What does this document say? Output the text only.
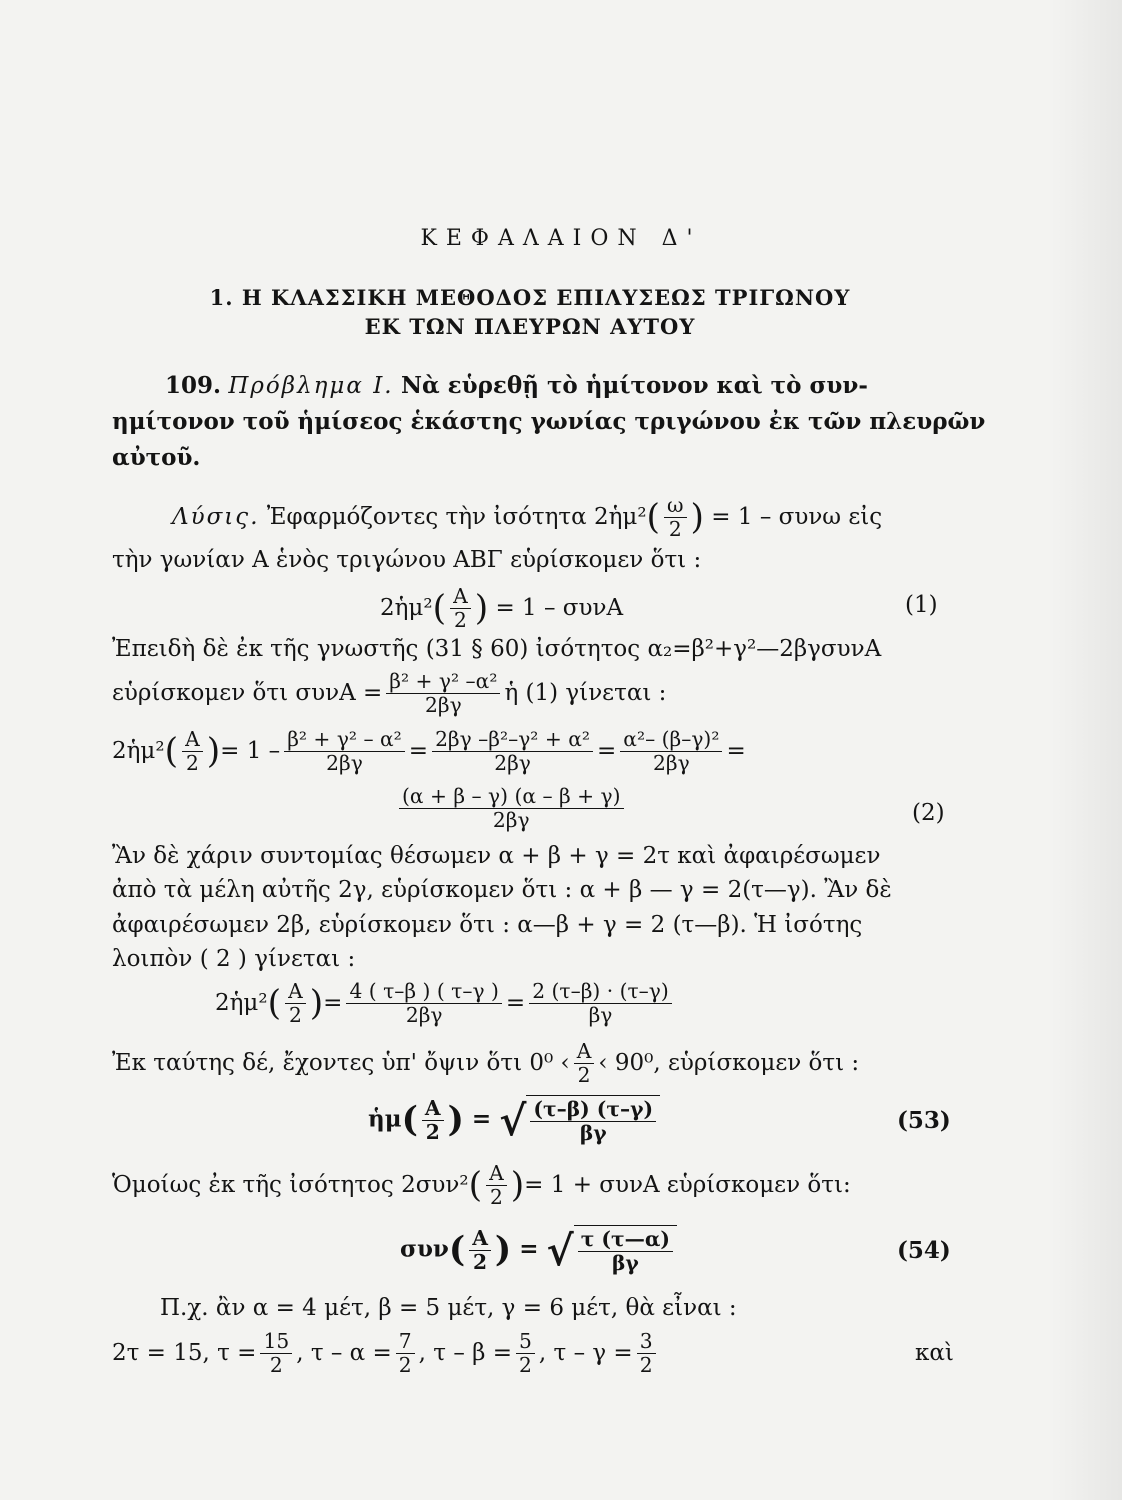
ΚΕΦΑΛΑΙΟΝ Δ'
1. Η ΚΛΑΣΣΙΚΗ ΜΕΘΟΔΟΣ ΕΠΙΛΥΣΕΩΣ ΤΡΙΓΩΝΟΥ
ΕΚ ΤΩΝ ΠΛΕΥΡΩΝ ΑΥΤΟΥ
109. Πρόβλημα Ι. Νὰ εὑρεθῇ τὸ ἡμίτονον καὶ τὸ συν-
ημίτονον τοῦ ἡμίσεος ἑκάστης γωνίας τριγώνου ἐκ τῶν πλευρῶν
αὐτοῦ.
Λύσις. Ἐφαρμόζοντες τὴν ἰσότητα 2ἡμ²( $\frac{\omega}{2}$ ) = 1 – συνω εἰς
τὴν γωνίαν Α ἑνὸς τριγώνου ΑΒΓ εὑρίσκομεν ὅτι :
2ἡμ²( $\frac{A}{2}$ ) = 1 – συνΑ	(1)
Ἐπειδὴ δὲ ἐκ τῆς γνωστῆς (31 § 60) ἰσότητος α₂=β²+γ²—2βγσυνΑ
εὑρίσκομεν ὅτι $\sigma\upsilon\nu A = \frac{\text{β² + γ² –α²}}{2\beta\gamma}$ ἡ (1) γίνεται :
2ἡμ²( $\frac{A}{2}$ )= $1 - \frac{\text{β² + γ² – α²}}{2\beta\gamma} = \frac{\text{2βγ –β²–γ² + α²}}{2\beta\gamma} = \frac{\text{α²– (β–γ)²}}{2\beta\gamma}$ =
$\frac{(\alpha + \beta - \gamma) (\alpha - \beta + \gamma)}{2\beta\gamma}$	(2)
Ἂν δὲ χάριν συντομίας θέσωμεν α + β + γ = 2τ καὶ ἀφαιρέσωμεν
ἀπὸ τὰ μέλη αὐτῆς 2γ, εὑρίσκομεν ὅτι : α + β — γ = 2(τ—γ). Ἂν δὲ
ἀφαιρέσωμεν 2β, εὑρίσκομεν ὅτι : α—β + γ = 2 (τ—β). Ἡ ἰσότης
λοιπὸν ( 2 ) γίνεται :
2ἡμ²( $\frac{A}{2}$ )= $\frac{4 ( \tau-\beta ) ( \tau-\gamma )}{2\beta\gamma} = \frac{2 (\tau-\beta) \cdot (\tau-\gamma)}{\beta\gamma}$
Ἐκ ταύτης δέ, ἔχοντες ὑπ' ὄψιν ὅτι 0⁰ ‹ $\frac{A}{2}$ ‹ 90⁰, εὑρίσκομεν ὅτι :
ἡμ( $\frac{A}{2}$ ) = √ $\frac{(\tau-\beta) (\tau-\gamma)}{\beta\gamma}$	(53)
Ὁμοίως ἐκ τῆς ἰσότητος $2\sigma\upsilon\nu^2( \frac{A}{2}$ )= 1 + συνΑ εὑρίσκομεν ὅτι:
$\sigma\upsilon\nu( \frac{A}{2}$ ) = √ $\frac{\tau (\tau—\alpha)}{\beta\gamma}$	(54)
Π.χ. ἂν α = 4 μέτ, β = 5 μέτ, γ = 6 μέτ, θὰ εἶναι :
2τ = 15, $\tau = \frac{15}{2}$ , $\tau - \alpha = \frac{7}{2}$ , $\tau - \beta = \frac{5}{2}$ , $\tau - \gamma = \frac{3}{2}$	καὶ
